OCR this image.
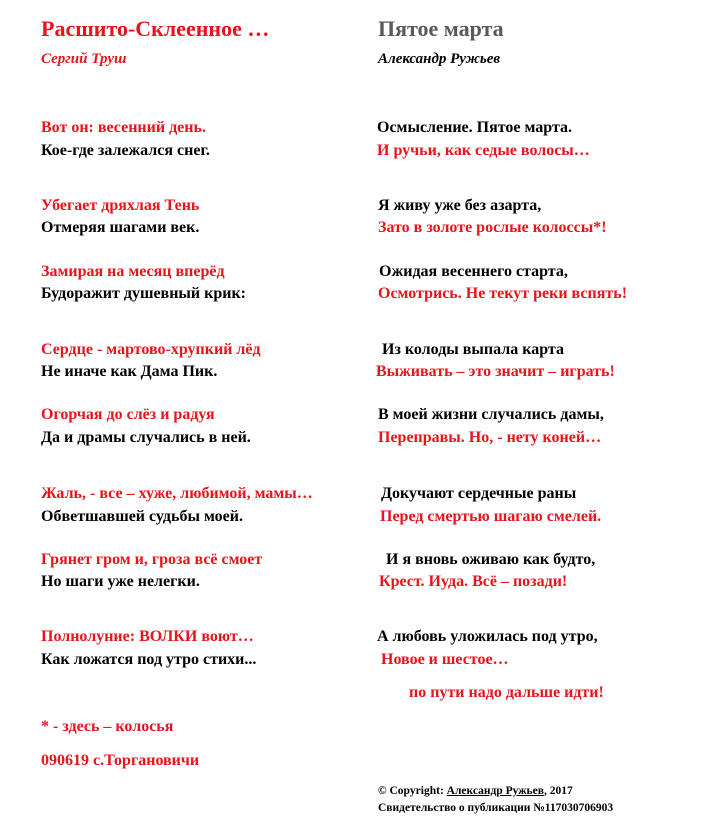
Расшито-Склеенное …
Сергий Труш
Пятое марта
Александр Ружьев
Вот он: весенний день.
Кое-где залежался снег.
Убегает дряхлая Тень
Отмеряя шагами век.
Замирая на месяц вперёд
Будоражит душевный крик:
Сердце - мартово-хрупкий лёд
Не иначе как Дама Пик.
Огорчая до слёз и радуя
Да и драмы случались в ней.
Жаль, - все – хуже, любимой, мамы…
Обветшавшей судьбы моей.
Грянет гром и, гроза всё смоет
Но шаги уже нелегки.
Полнолуние: ВОЛКИ воют…
Как ложатся под утро стихи...
* - здесь – колосья
090619 с.Торгановичи
Осмысление. Пятое марта.
И ручьи, как седые волосы…
Я живу уже без азарта,
Зато в золоте рослые колоссы*!
Ожидая весеннего старта,
Осмотрись. Не текут реки вспять!
Из колоды выпала карта
Выживать – это значит – играть!
В моей жизни случались дамы,
Переправы. Но, - нету коней…
Докучают сердечные раны
Перед смертью шагаю смелей.
И я вновь оживаю как будто,
Крест. Иуда. Всё – позади!
А любовь уложилась под утро,
Новое и шестое…
по пути надо дальше идти!
© Copyright: Александр Ружьев, 2017
Свидетельство о публикации №117030706903
